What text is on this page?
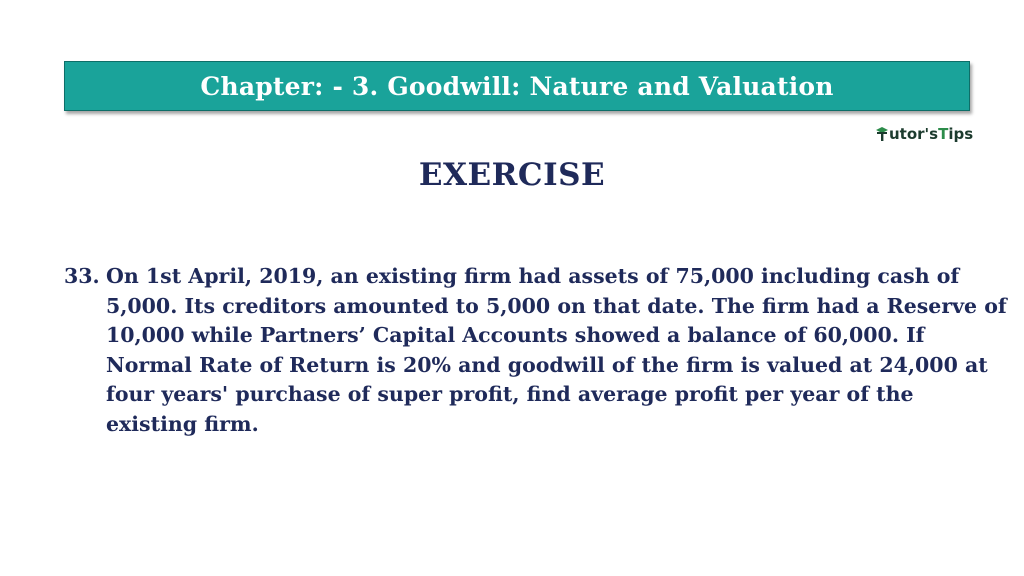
Chapter: - 3. Goodwill: Nature and Valuation
utor'sTips
EXERCISE
33. On 1st April, 2019, an existing firm had assets of 75,000 including cash of
5,000. Its creditors amounted to 5,000 on that date. The firm had a Reserve of
10,000 while Partners’ Capital Accounts showed a balance of 60,000. If
Normal Rate of Return is 20% and goodwill of the firm is valued at 24,000 at
four years' purchase of super profit, find average profit per year of the
existing firm.
